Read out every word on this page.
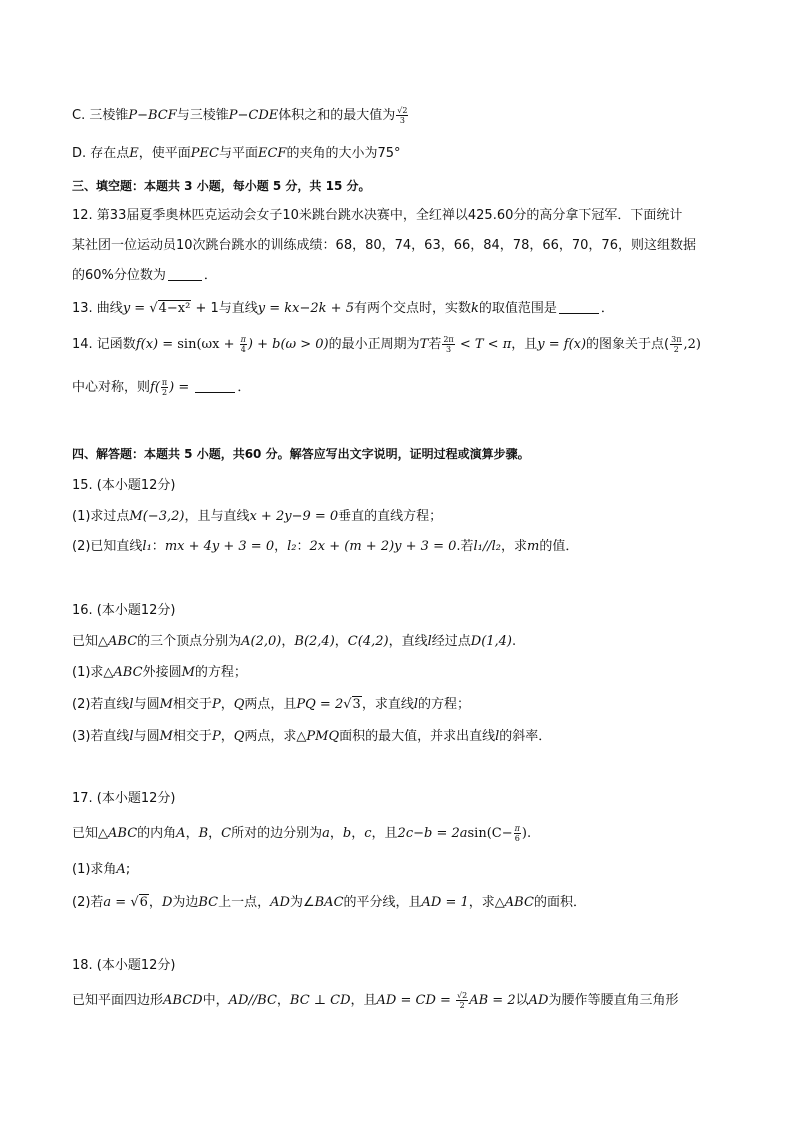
C. 三棱锥P−BCF与三棱锥P−CDE体积之和的最大值为 $\frac{√2}{3}$
D. 存在点E，使平面PEC与平面ECF的夹角的大小为75°
三、填空题：本题共 3 小题，每小题 5 分，共 15 分。
12. 第33届夏季奥林匹克运动会女子10米跳台跳水决赛中，全红禅以425.60分的高分拿下冠军．下面统计
某社团一位运动员10次跳台跳水的训练成绩：68，80，74，63，66，84，78，66，70，76，则这组数据
的60%分位数为	．
13. 曲线y = √4−x² + 1与直线y = kx−2k + 5有两个交点时，实数k的取值范围是	．
14. 记函数$f(x) = \sin(\omega x + \frac{\pi}{4}$ ) + b(ω > 0)的最小正周期为T若 $\frac{2\pi}{3} < T < \pi$，且y = f(x)的图象关于点( $\frac{3\pi}{2} ,2$)
中心对称，则$f( \frac{\pi}{2}$ ) =	．
四、解答题：本题共 5 小题，共60 分。解答应写出文字说明，证明过程或演算步骤。
15. (本小题12分)
(1)求过点M(−3,2)，且与直线x + 2y−9 = 0垂直的直线方程；
(2)已知直线l₁：mx + 4y + 3 = 0，l₂：2x + (m + 2)y + 3 = 0.若l₁//l₂，求m的值．
16. (本小题12分)
已知△ABC的三个顶点分别为A(2,0)，B(2,4)，C(4,2)，直线l经过点D(1,4).
(1)求△ABC外接圆M的方程；
(2)若直线l与圆M相交于P，Q两点，且PQ = 2√3，求直线l的方程；
(3)若直线l与圆M相交于P，Q两点，求△PMQ面积的最大值，并求出直线l的斜率．
17. (本小题12分)
已知△ABC的内角A，B，C所对的边分别为a，b，c，且$2c-b = 2asin(C- \frac{\pi}{6}$ ).
(1)求角A;
(2)若a = √6，D为边BC上一点，AD为∠BAC的平分线，且AD = 1，求△ABC的面积．
18. (本小题12分)
已知平面四边形ABCD中，AD//BC，BC ⊥ CD，且AD = CD = $\frac{√2}{2}$ AB = 2以AD为腰作等腰直角三角形
